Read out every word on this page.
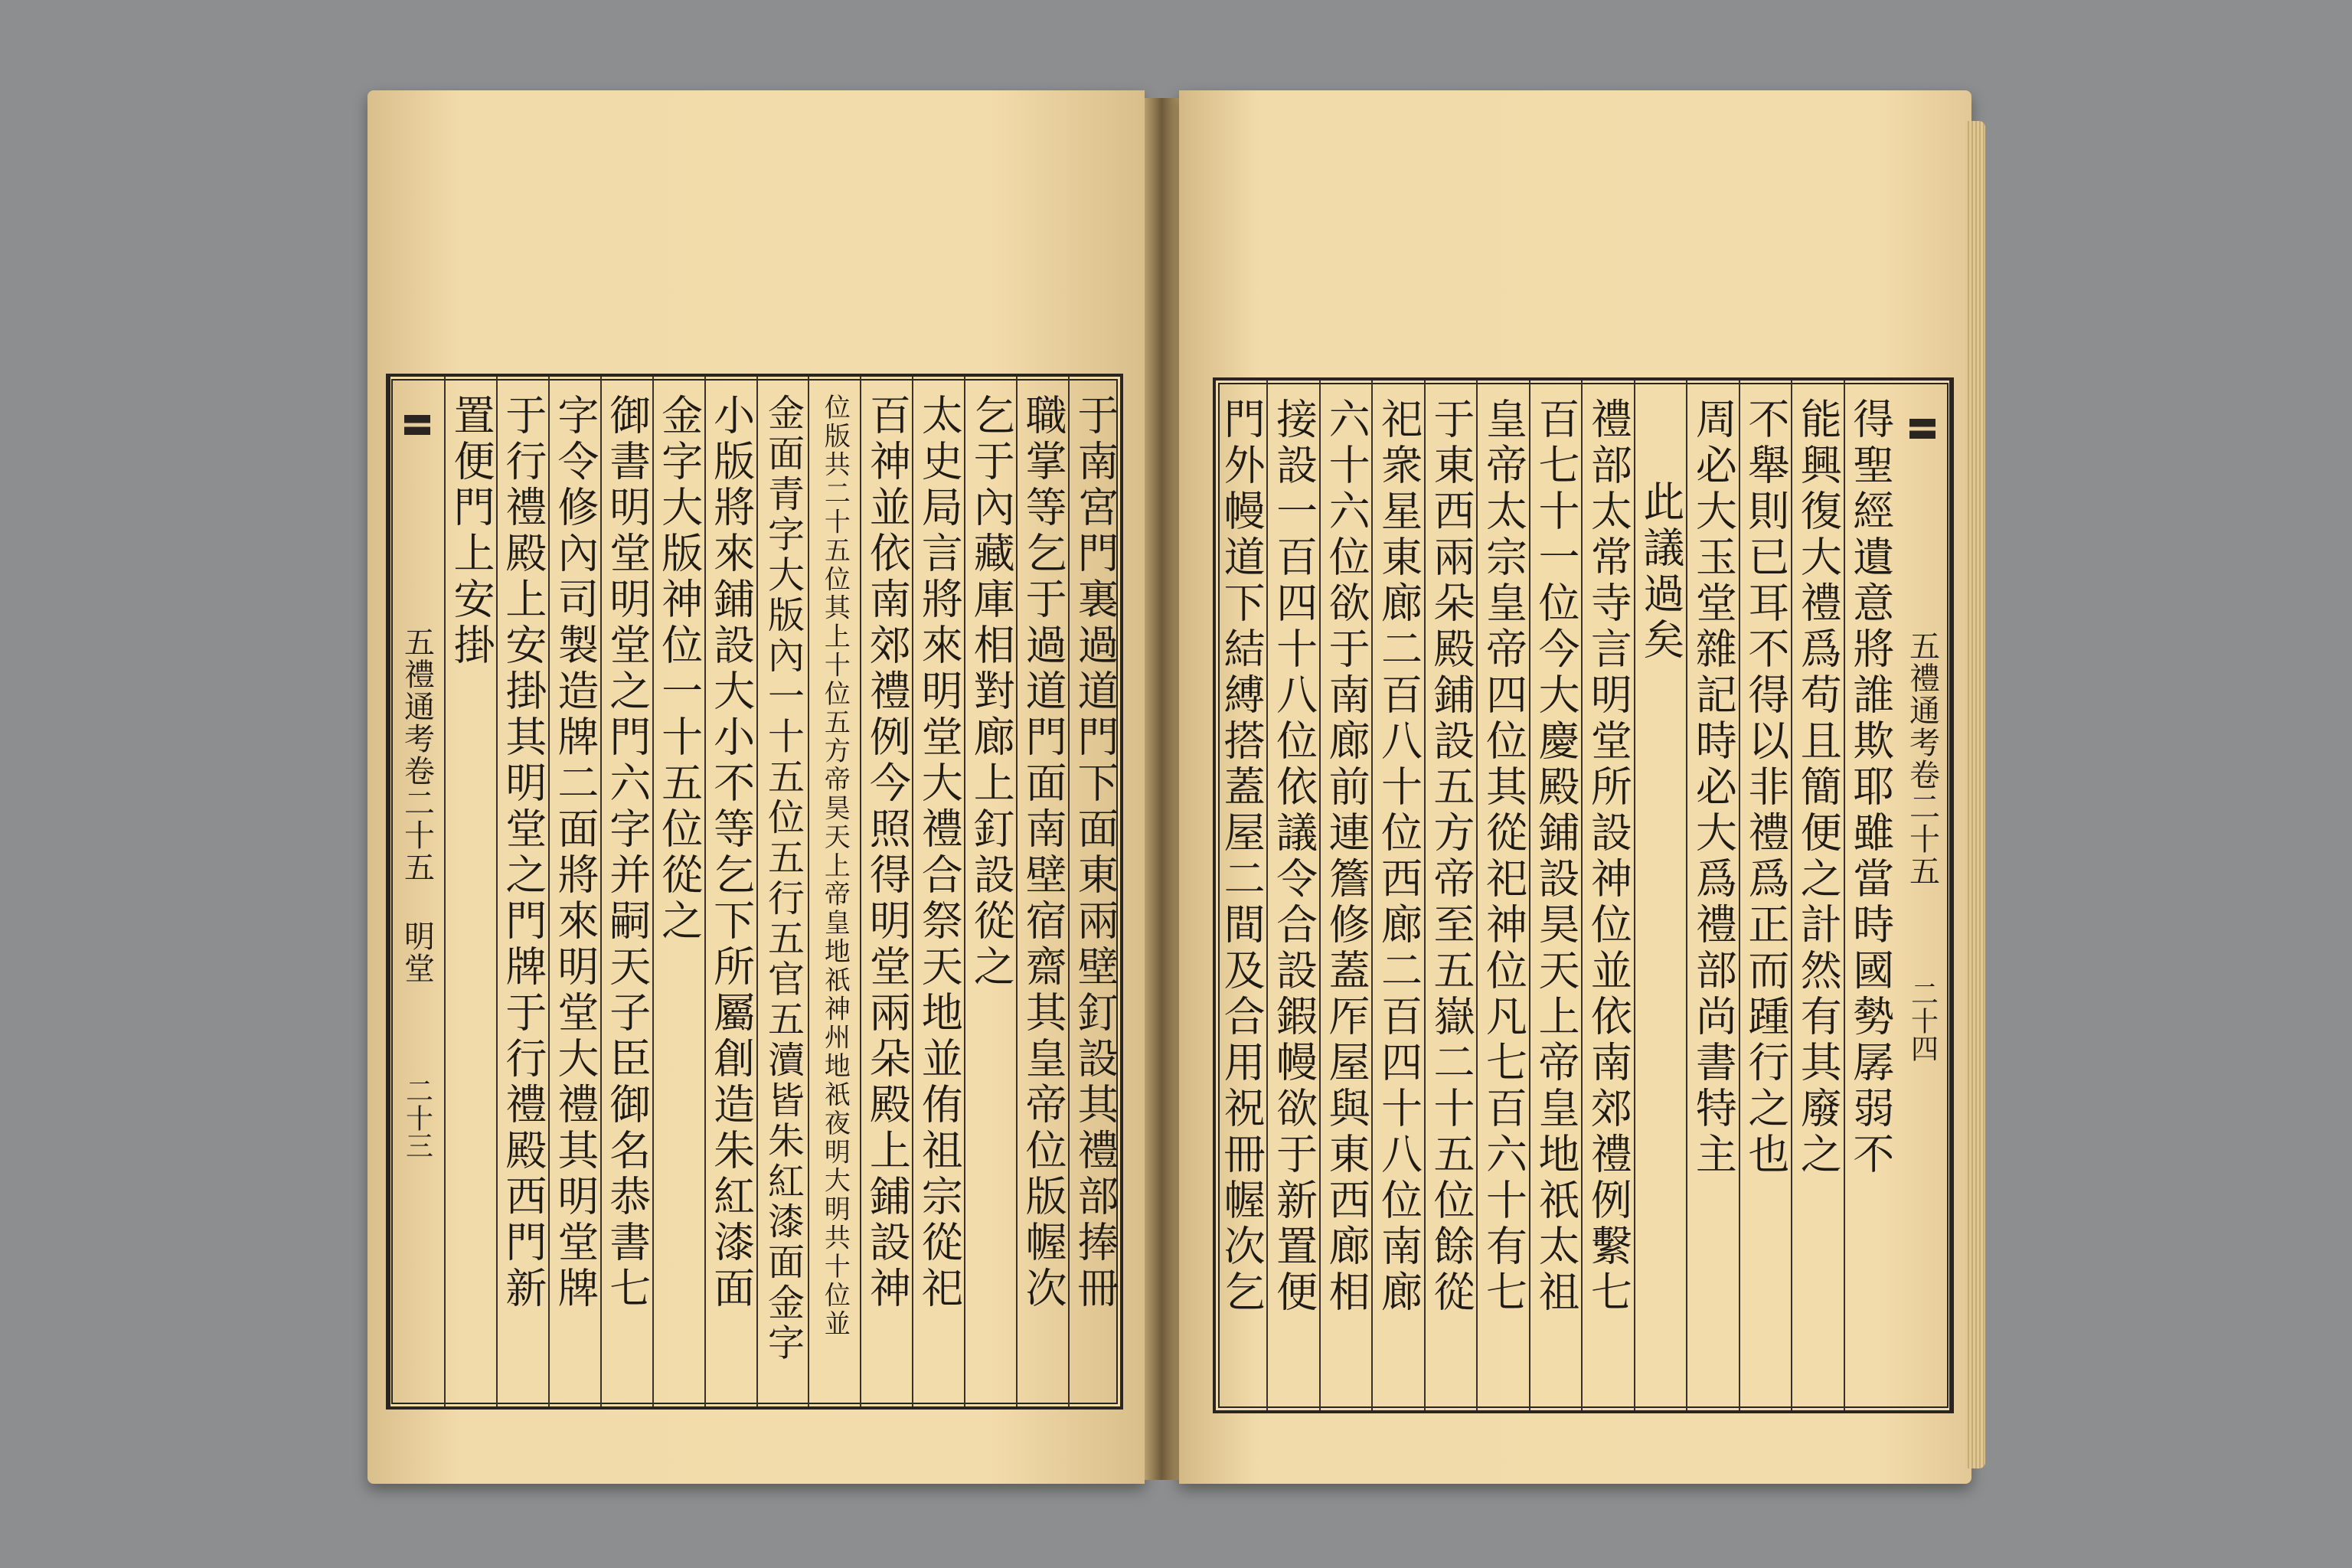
于南宮門裏過道門下面東兩壁釘設其禮部捧冊
職掌等乞于過道門面南壁宿齋其皇帝位版幄次
乞于內藏庫相對廊上釘設從之
太史局言將來明堂大禮合祭天地並侑祖宗從祀
百神並依南郊禮例今照得明堂兩朵殿上鋪設神
位版共二十五位其上十位五方帝昊天上帝皇地祇神州地祇夜明大明共十位並
金面青字大版內一十五位五行五官五瀆皆朱紅漆面金字
小版將來鋪設大小不等乞下所屬創造朱紅漆面
金字大版神位一十五位從之
御書明堂明堂之門六字并嗣天子臣御名恭書七
字令修內司製造牌二面將來明堂大禮其明堂牌
于行禮殿上安掛其明堂之門牌于行禮殿西門新
置便門上安掛
五禮通考卷二十五 明堂
二十三
五禮通考卷二十五
二十四
得聖經遺意將誰欺耶雖當時國勢孱弱不
能興復大禮爲苟且簡便之計然有其廢之
不舉則已耳不得以非禮爲正而踵行之也
周必大玉堂雜記時必大爲禮部尚書特主
此議過矣
禮部太常寺言明堂所設神位並依南郊禮例繫七
百七十一位今大慶殿鋪設昊天上帝皇地祇太祖
皇帝太宗皇帝四位其從祀神位凡七百六十有七
于東西兩朵殿鋪設五方帝至五嶽二十五位餘從
祀衆星東廊二百八十位西廊二百四十八位南廊
六十六位欲于南廊前連簷修蓋厏屋與東西廊相
接設一百四十八位依議令合設鍜幔欲于新置便
門外幔道下結縛搭蓋屋二間及合用祝冊幄次乞
